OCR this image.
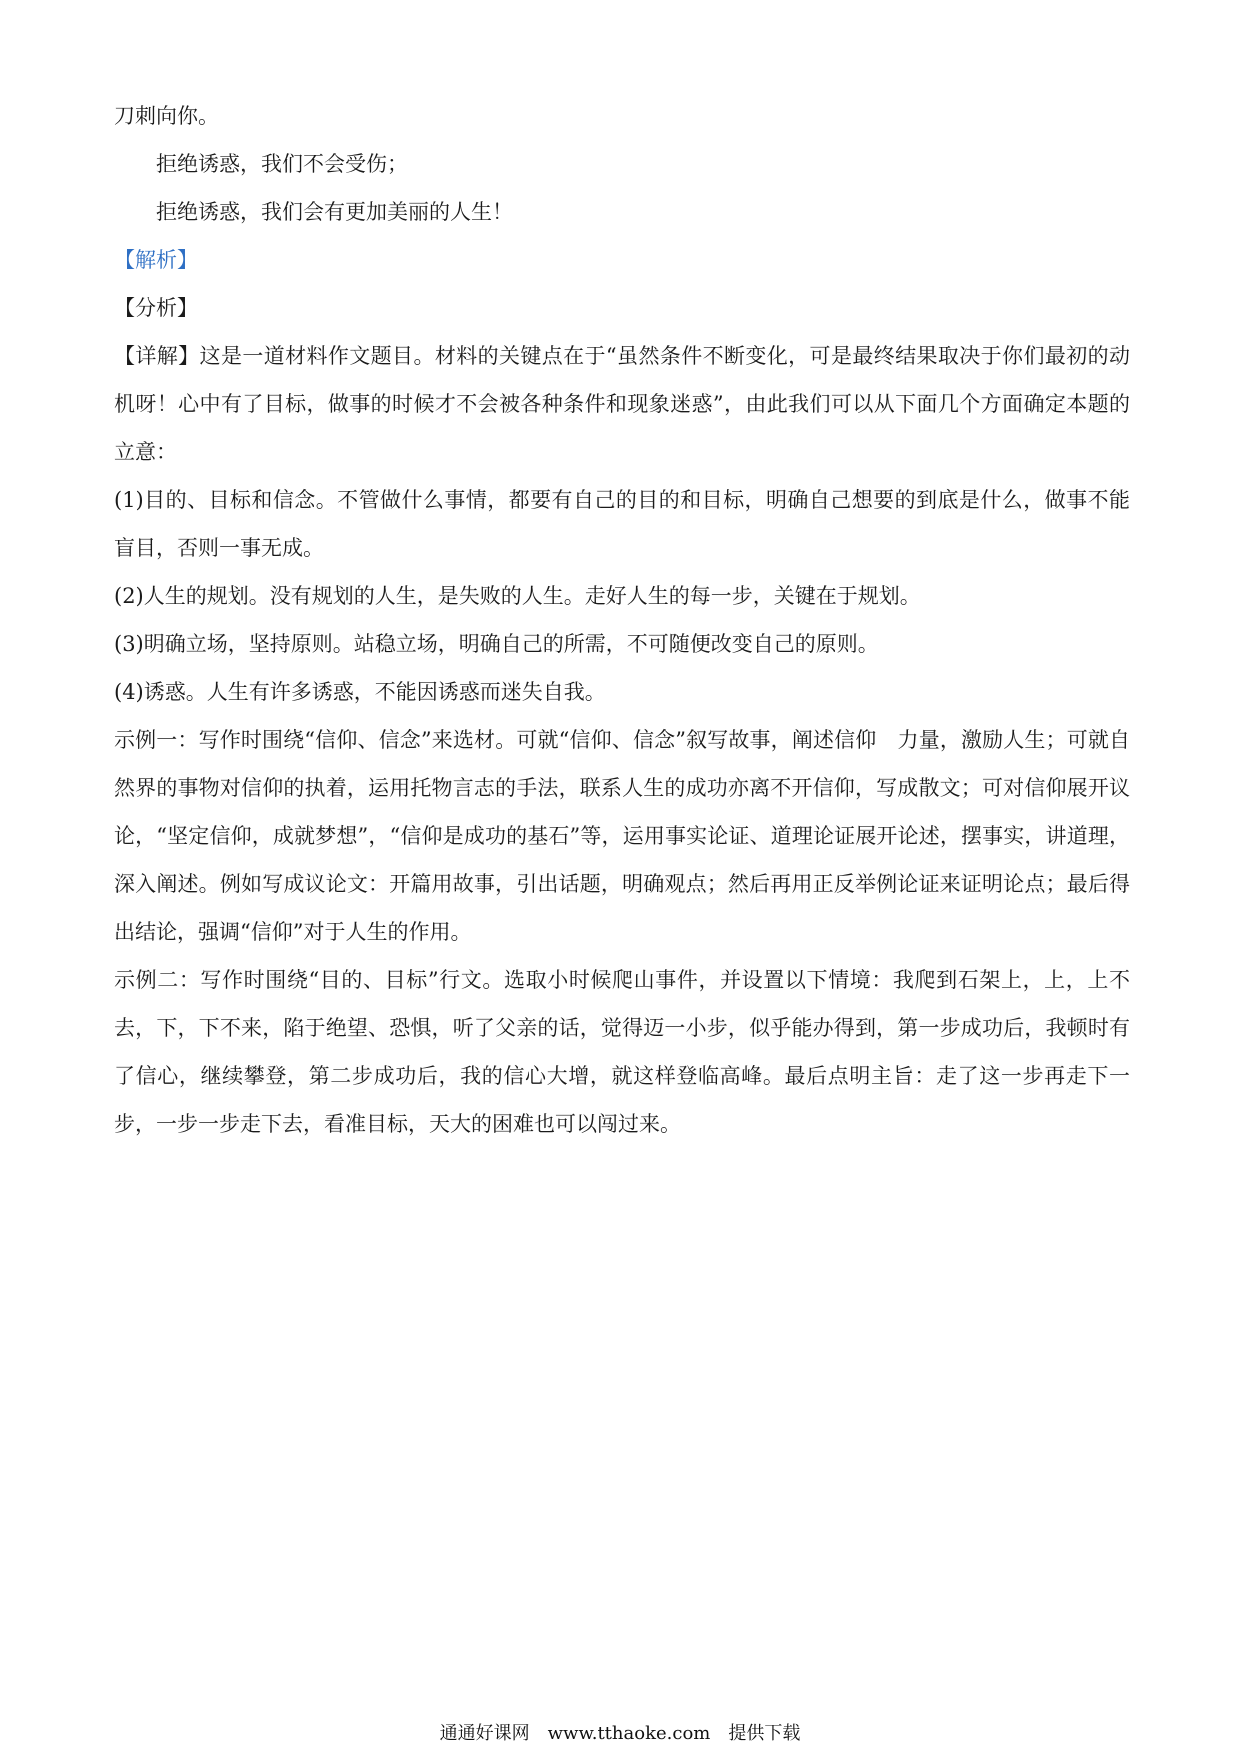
刀刺向你。

拒绝诱惑，我们不会受伤；

拒绝诱惑，我们会有更加美丽的人生！

【解析】

【分析】

【详解】这是一道材料作文题目。材料的关键点在于“虽然条件不断变化，可是最终结果取决于你们最初的动机呀！心中有了目标，做事的时候才不会被各种条件和现象迷惑”，由此我们可以从下面几个方面确定本题的立意：

(1)目的、目标和信念。不管做什么事情，都要有自己的目的和目标，明确自己想要的到底是什么，做事不能盲目，否则一事无成。

(2)人生的规划。没有规划的人生，是失败的人生。走好人生的每一步，关键在于规划。

(3)明确立场，坚持原则。站稳立场，明确自己的所需，不可随便改变自己的原则。

(4)诱惑。人生有许多诱惑，不能因诱惑而迷失自我。

示例一：写作时围绕“信仰、信念”来选材。可就“信仰、信念”叙写故事，阐述信仰　力量，激励人生；可就自然界的事物对信仰的执着，运用托物言志的手法，联系人生的成功亦离不开信仰，写成散文；可对信仰展开议论，“坚定信仰，成就梦想”，“信仰是成功的基石”等，运用事实论证、道理论证展开论述，摆事实，讲道理，深入阐述。例如写成议论文：开篇用故事，引出话题，明确观点；然后再用正反举例论证来证明论点；最后得出结论，强调“信仰”对于人生的作用。

示例二：写作时围绕“目的、目标”行文。选取小时候爬山事件，并设置以下情境：我爬到石架上，上，上不去，下，下不来，陷于绝望、恐惧，听了父亲的话，觉得迈一小步，似乎能办得到，第一步成功后，我顿时有了信心，继续攀登，第二步成功后，我的信心大增，就这样登临高峰。最后点明主旨：走了这一步再走下一步，一步一步走下去，看准目标，天大的困难也可以闯过来。

通通好课网　www.tthaoke.com　提供下载
